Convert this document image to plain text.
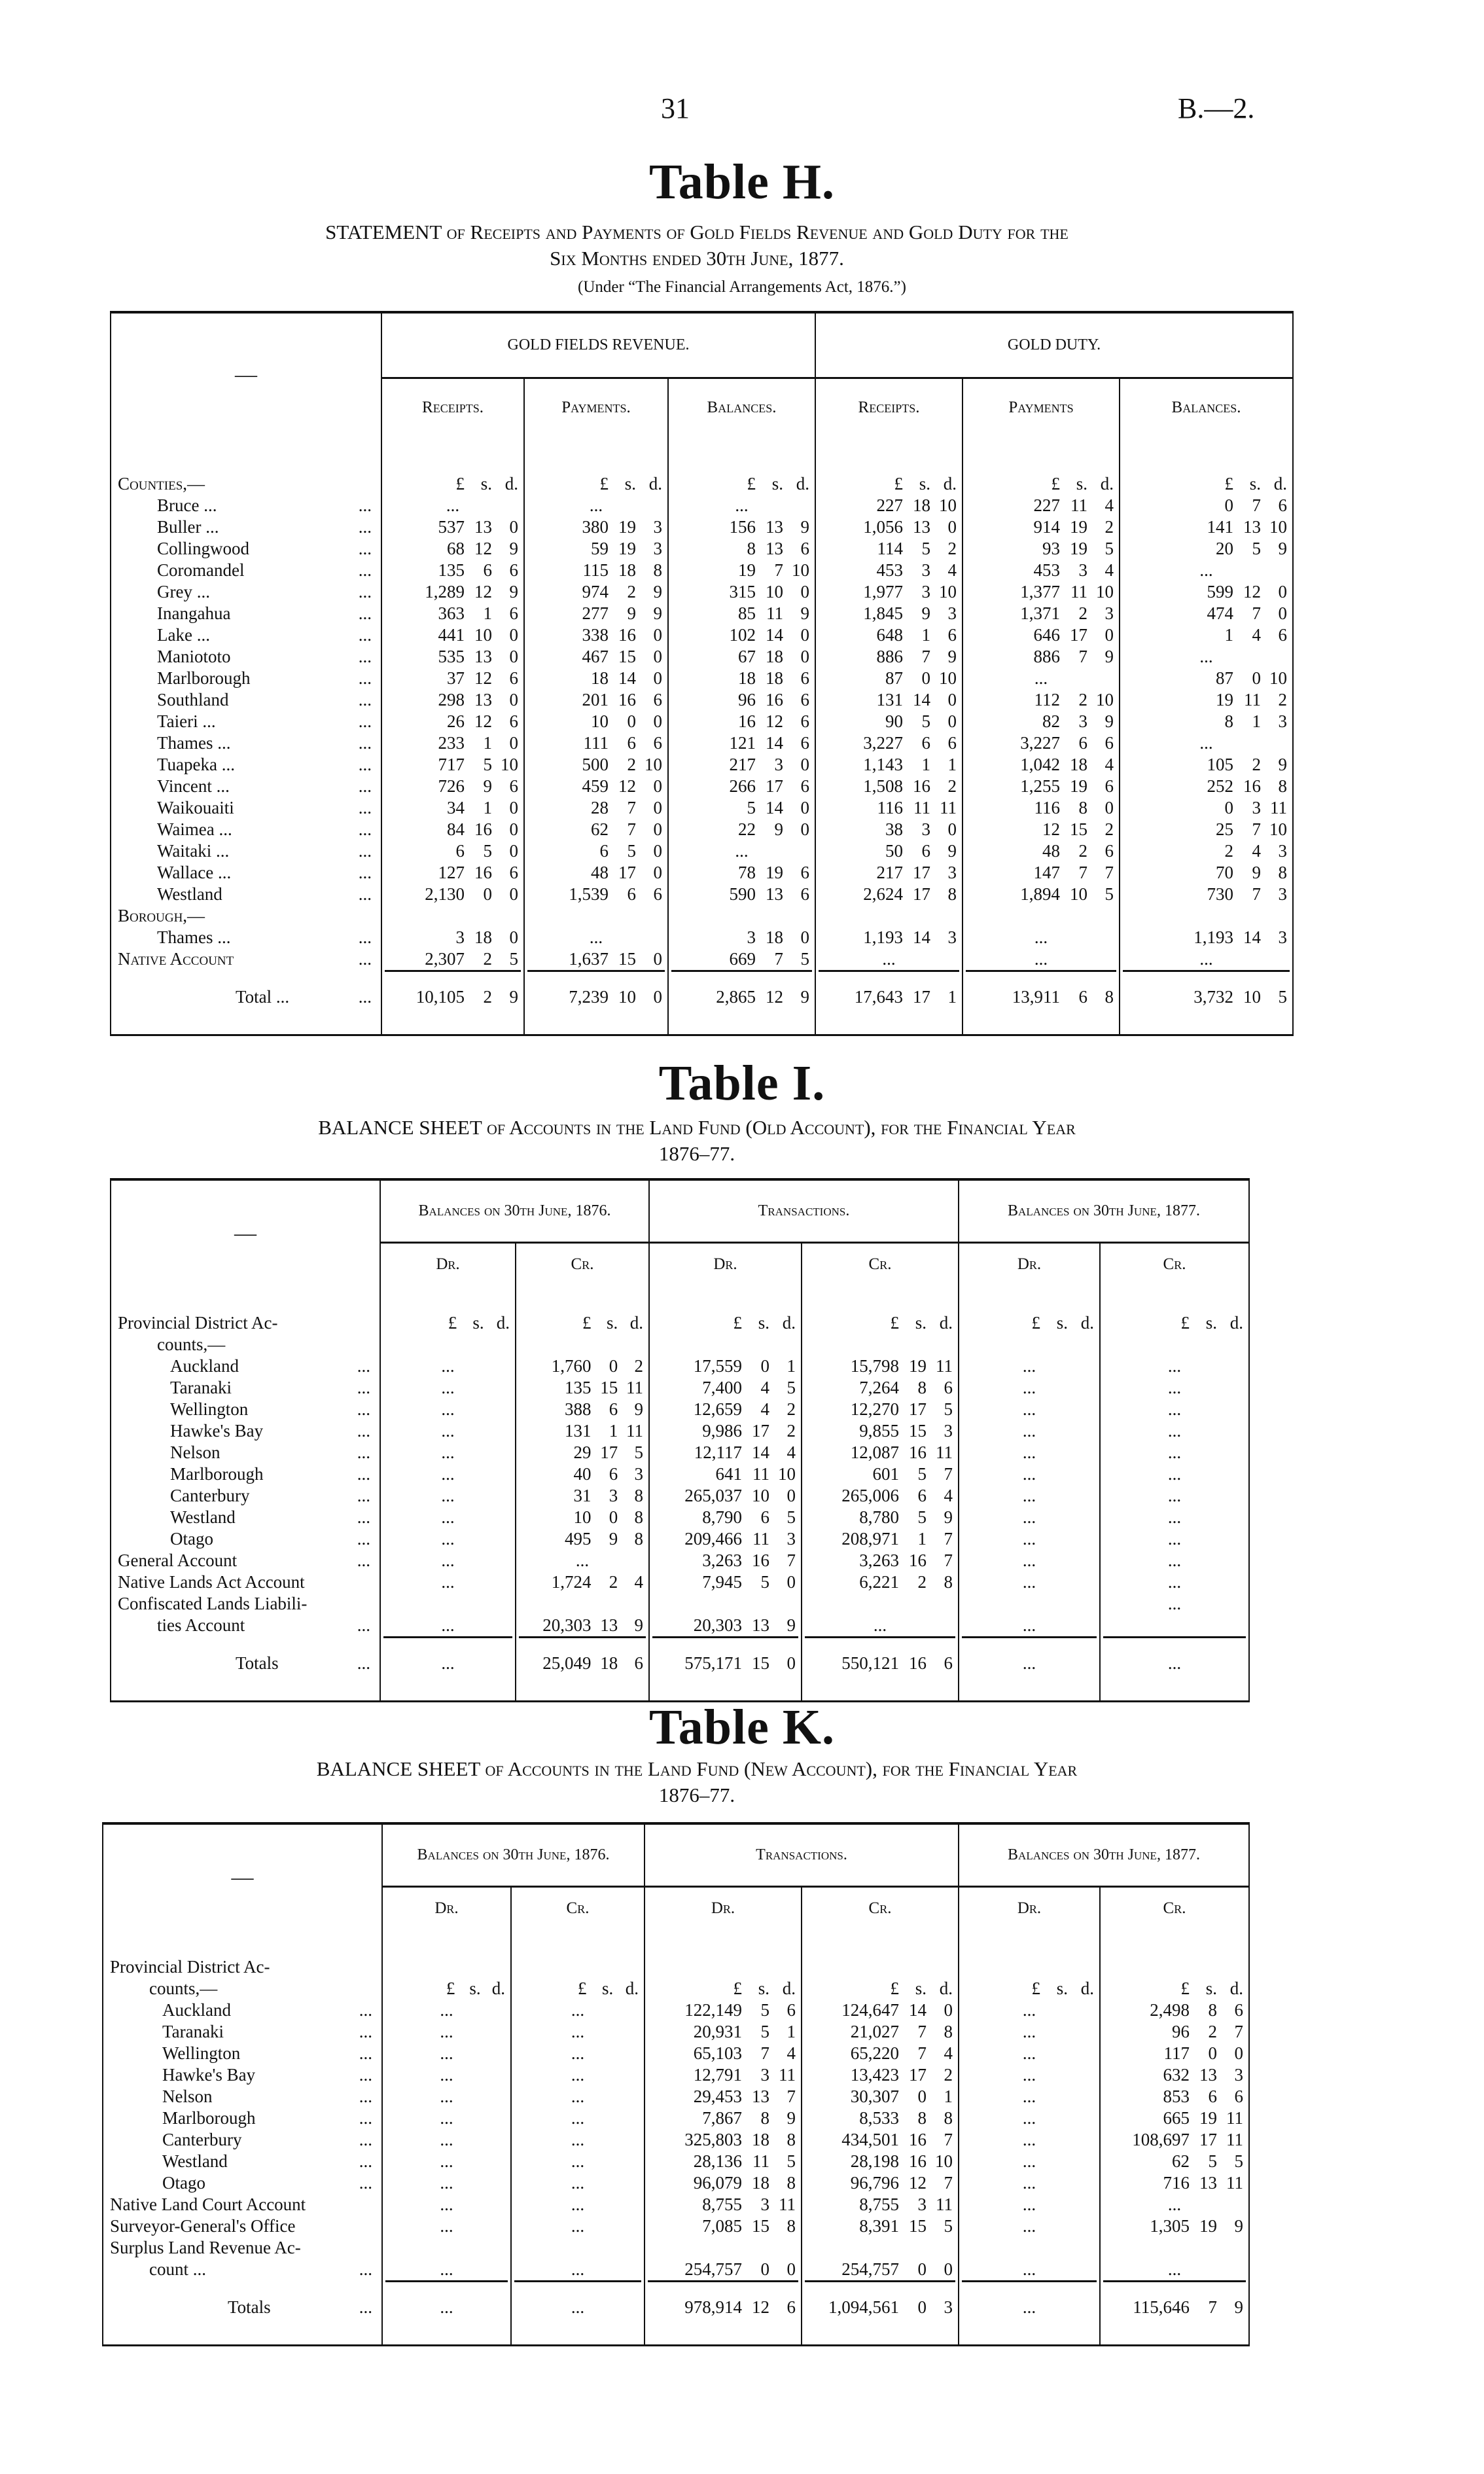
31	B.—2.
Table H.
STATEMENT of Receipts and Payments of Gold Fields Revenue and Gold Duty for the
Six Months ended 30th June, 1877.
(Under “The Financial Arrangements Act, 1876.”)
—	GOLD FIELDS REVENUE.			GOLD DUTY.		
	Receipts.	Payments.	Balances.	Receipts.	Payments	Balances.

Counties,—	£ s. d.	£ s. d.	£ s. d.	£ s. d.	£ s. d.	£ s. d.

Bruce ... ...	...	...	...	227 18 10	227 11 4	0 7 6

Buller ... ...	537 13 0	380 19 3	156 13 9	1,056 13 0	914 19 2	141 13 10

Collingwood ...	68 12 9	59 19 3	8 13 6	114 5 2	93 19 5	20 5 9

Coromandel ...	135 6 6	115 18 8	19 7 10	453 3 4	453 3 4	...

Grey ... ...	1,289 12 9	974 2 9	315 10 0	1,977 3 10	1,377 11 10	599 12 0

Inangahua ...	363 1 6	277 9 9	85 11 9	1,845 9 3	1,371 2 3	474 7 0

Lake ... ...	441 10 0	338 16 0	102 14 0	648 1 6	646 17 0	1 4 6

Maniototo ...	535 13 0	467 15 0	67 18 0	886 7 9	886 7 9	...

Marlborough ...	37 12 6	18 14 0	18 18 6	87 0 10	...	87 0 10

Southland ...	298 13 0	201 16 6	96 16 6	131 14 0	112 2 10	19 11 2

Taieri ... ...	26 12 6	10 0 0	16 12 6	90 5 0	82 3 9	8 1 3

Thames ... ...	233 1 0	111 6 6	121 14 6	3,227 6 6	3,227 6 6	...

Tuapeka ... ...	717 5 10	500 2 10	217 3 0	1,143 1 1	1,042 18 4	105 2 9

Vincent ... ...	726 9 6	459 12 0	266 17 6	1,508 16 2	1,255 19 6	252 16 8

Waikouaiti ...	34 1 0	28 7 0	5 14 0	116 11 11	116 8 0	0 3 11

Waimea ... ...	84 16 0	62 7 0	22 9 0	38 3 0	12 15 2	25 7 10

Waitaki ... ...	6 5 0	6 5 0	...	50 6 9	48 2 6	2 4 3

Wallace ... ...	127 16 6	48 17 0	78 19 6	217 17 3	147 7 7	70 9 8

Westland ...	2,130 0 0	1,539 6 6	590 13 6	2,624 17 8	1,894 10 5	730 7 3

Borough,—						

Thames ... ...	3 18 0	...	3 18 0	1,193 14 3	...	1,193 14 3

Native Account ...	2,307 2 5	1,637 15 0	669 7 5	...	...	...

Total ... ...	10,105 2 9	7,239 10 0	2,865 12 9	17,643 17 1	13,911 6 8	3,732 10 5

Table I.
BALANCE SHEET of Accounts in the Land Fund (Old Account), for the Financial Year
1876–77.
—	Balances on 30th June, 1876.		Transactions.		Balances on 30th June, 1877.	
	Dr.	Cr.	Dr.	Cr.	Dr.	Cr.

Provincial District Ac-	£ s. d.	£ s. d.	£ s. d.	£ s. d.	£ s. d.	£ s. d.

counts,—						

Auckland ...	...	1,760 0 2	17,559 0 1	15,798 19 11	...	...

Taranaki ...	...	135 15 11	7,400 4 5	7,264 8 6	...	...

Wellington ...	...	388 6 9	12,659 4 2	12,270 17 5	...	...

Hawke's Bay ...	...	131 1 11	9,986 17 2	9,855 15 3	...	...

Nelson ...	...	29 17 5	12,117 14 4	12,087 16 11	...	...

Marlborough ...	...	40 6 3	641 11 10	601 5 7	...	...

Canterbury ...	...	31 3 8	265,037 10 0	265,006 6 4	...	...

Westland ...	...	10 0 8	8,790 6 5	8,780 5 9	...	...

Otago ...	...	495 9 8	209,466 11 3	208,971 1 7	...	...

General Account ...	...	...	3,263 16 7	3,263 16 7	...	...

Native Lands Act Account	...	1,724 2 4	7,945 5 0	6,221 2 8	...	...

Confiscated Lands Liabili-						...

ties Account ...	...	20,303 13 9	20,303 13 9	...	...	

Totals ...	...	25,049 18 6	575,171 15 0	550,121 16 6	...	...

Table K.
BALANCE SHEET of Accounts in the Land Fund (New Account), for the Financial Year
1876–77.
—	Balances on 30th June, 1876.		Transactions.		Balances on 30th June, 1877.	
	Dr.	Cr.	Dr.	Cr.	Dr.	Cr.

Provincial District Ac-						

counts,—	£ s. d.	£ s. d.	£ s. d.	£ s. d.	£ s. d.	£ s. d.

Auckland ...	...	...	122,149 5 6	124,647 14 0	...	2,498 8 6

Taranaki ...	...	...	20,931 5 1	21,027 7 8	...	96 2 7

Wellington ...	...	...	65,103 7 4	65,220 7 4	...	117 0 0

Hawke's Bay ...	...	...	12,791 3 11	13,423 17 2	...	632 13 3

Nelson ...	...	...	29,453 13 7	30,307 0 1	...	853 6 6

Marlborough ...	...	...	7,867 8 9	8,533 8 8	...	665 19 11

Canterbury ...	...	...	325,803 18 8	434,501 16 7	...	108,697 17 11

Westland ...	...	...	28,136 11 5	28,198 16 10	...	62 5 5

Otago ...	...	...	96,079 18 8	96,796 12 7	...	716 13 11

Native Land Court Account	...	...	8,755 3 11	8,755 3 11	...	...

Surveyor-General's Office	...	...	7,085 15 8	8,391 15 5	...	1,305 19 9

Surplus Land Revenue Ac-						

count ... ...	...	...	254,757 0 0	254,757 0 0	...	...

Totals ...	...	...	978,914 12 6	1,094,561 0 3	...	115,646 7 9
